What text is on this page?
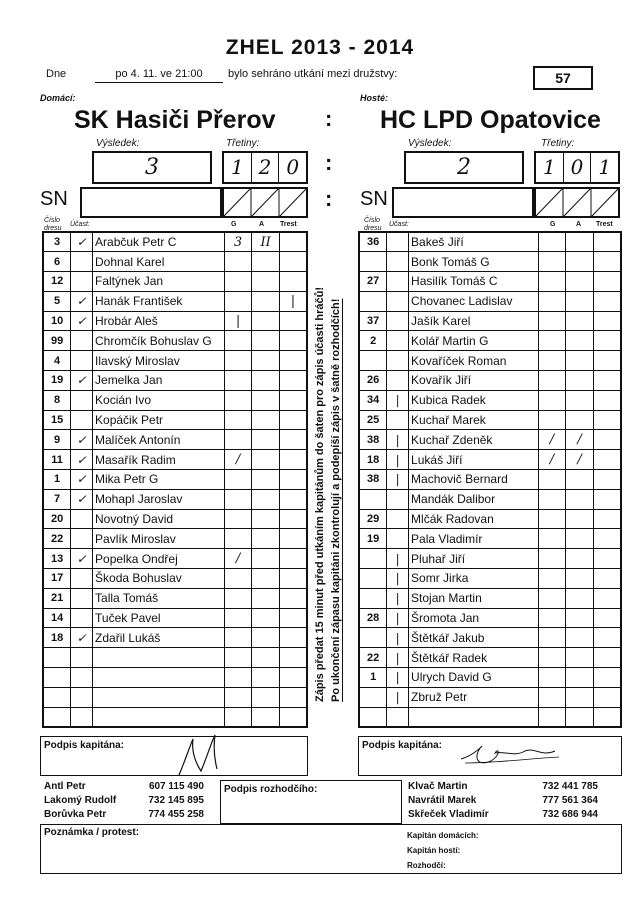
ZHEL 2013 - 2014
Dne	po 4. 11. ve 21:00	bylo sehráno utkání mezi družstvy:	57
Domácí:	Hosté:
SK Hasiči Přerov : HC LPD Opatovice
Výsledek:	Třetiny:	Výsledek:	Třetiny:
3	1 2 0	:	2	1 0 1
SN	: SN
Číslo dresu
Účast:	G	A Trest
Číslo dresu
Účast:	G	A Trest
3	✓	Arabčuk Petr C	3	II	
6		Dohnal Karel			
12		Faltýnek Jan			
5	✓	Hanák František			|
10	✓	Hrobár Aleš	|		
99		Chromčík Bohuslav G			
4		Ilavský Miroslav			
19	✓	Jemelka Jan			
8		Kocián Ivo			
15		Kopáčik Petr			
9	✓	Malíček Antonín			
11	✓	Masařík Radim	/		
1	✓	Mika Petr G			
7	✓	Mohapl Jaroslav			
20		Novotný David			
22		Pavlík Miroslav			
13	✓	Popelka Ondřej	/		
17		Škoda Bohuslav			
21		Talla Tomáš			
14		Tuček Pavel			
18	✓	Zdařil Lukáš			

36		Bakeš Jiří			
		Bonk Tomáš G			
27		Hasilík Tomáš C			
		Chovanec Ladislav			
37		Jašík Karel			
2		Kolář Martin G			
		Kovaříček Roman			
26		Kovařík Jiří			
34	|	Kubica Radek			
25		Kuchař Marek			
38	|	Kuchař Zdeněk	/	/	
18	|	Lukáš Jiří	/	/	
38	|	Machovič Bernard			
		Mandák Dalibor			
29		Mlčák Radovan			
19		Pala Vladimír			
	|	Pluhař Jiří			
	|	Somr Jirka			
	|	Stojan Martin			
28	|	Šromota Jan			
	|	Štětkář Jakub			
22	|	Štětkář Radek			
1	|	Ulrych David G			
	|	Zbruž Petr			

Zápis předat 15 minut před utkáním kapitánům do šaten pro zápis účasti hráčů! Po ukončení zápasu kapitáni zkontrolují a podepíší zápis v šatně rozhodčích!
Podpis kapitána:	Podpis kapitána:
Antl Petr	607 115 490
Lakomý Rudolf	732 145 895
Borůvka Petr	774 455 258
Podpis rozhodčího:	Klvač Martin	732 441 785
Navrátil Marek	777 561 364
Skřeček Vladimír	732 686 944
Poznámka / protest:	Kapitán domácích:
Kapitán hostí:
Rozhodčí:
